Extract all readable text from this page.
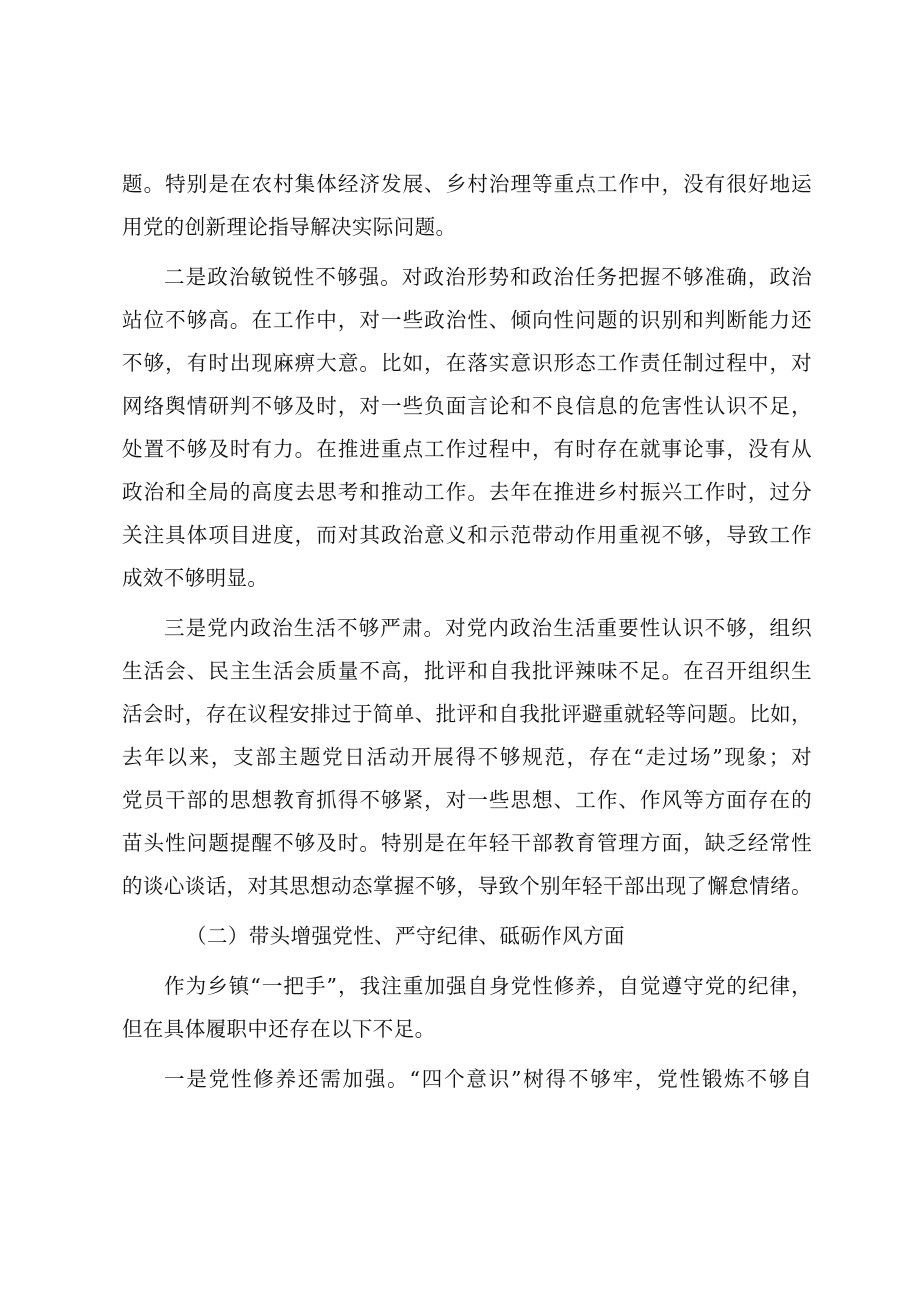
题。特别是在农村集体经济发展、乡村治理等重点工作中，没有很好地运
用党的创新理论指导解决实际问题。
二是政治敏锐性不够强。对政治形势和政治任务把握不够准确，政治
站位不够高。在工作中，对一些政治性、倾向性问题的识别和判断能力还
不够，有时出现麻痹大意。比如，在落实意识形态工作责任制过程中，对
网络舆情研判不够及时，对一些负面言论和不良信息的危害性认识不足，
处置不够及时有力。在推进重点工作过程中，有时存在就事论事，没有从
政治和全局的高度去思考和推动工作。去年在推进乡村振兴工作时，过分
关注具体项目进度，而对其政治意义和示范带动作用重视不够，导致工作
成效不够明显。
三是党内政治生活不够严肃。对党内政治生活重要性认识不够，组织
生活会、民主生活会质量不高，批评和自我批评辣味不足。在召开组织生
活会时，存在议程安排过于简单、批评和自我批评避重就轻等问题。比如，
去年以来，支部主题党日活动开展得不够规范，存在“走过场”现象；对
党员干部的思想教育抓得不够紧，对一些思想、工作、作风等方面存在的
苗头性问题提醒不够及时。特别是在年轻干部教育管理方面，缺乏经常性
的谈心谈话，对其思想动态掌握不够，导致个别年轻干部出现了懈怠情绪。
（二）带头增强党性、严守纪律、砥砺作风方面
作为乡镇“一把手”，我注重加强自身党性修养，自觉遵守党的纪律，
但在具体履职中还存在以下不足。
一是党性修养还需加强。“四个意识”树得不够牢，党性锻炼不够自
